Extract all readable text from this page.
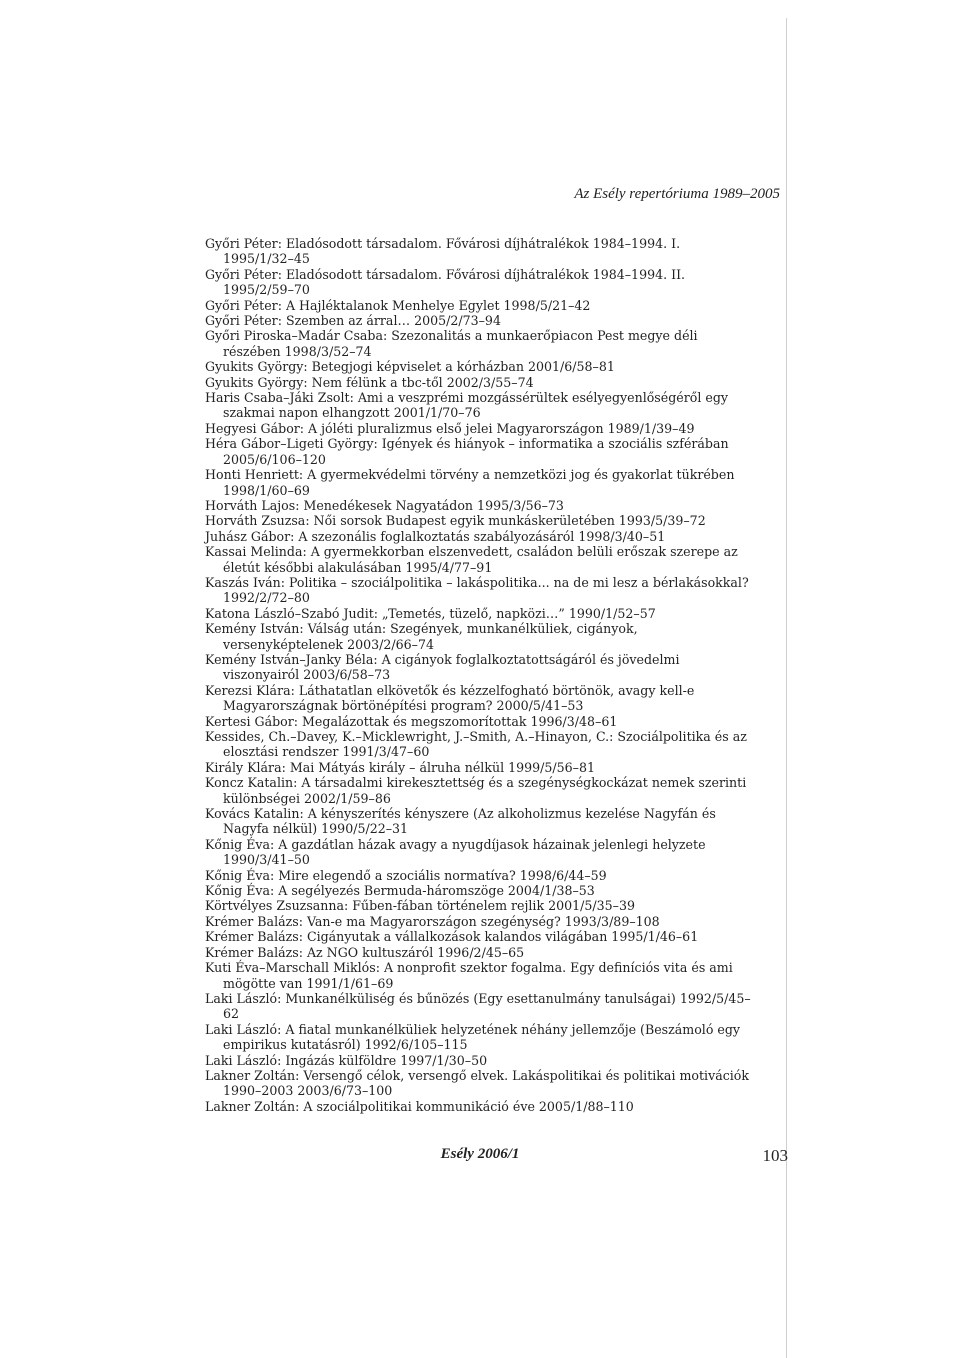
Az Esély repertóriuma 1989–2005

Győri Péter: Eladósodott társadalom. Fővárosi díjhátralékok 1984–1994. I. 1995/1/32–45

Győri Péter: Eladósodott társadalom. Fővárosi díjhátralékok 1984–1994. II. 1995/2/59–70

Győri Péter: A Hajléktalanok Menhelye Egylet 1998/5/21–42

Győri Péter: Szemben az árral… 2005/2/73–94

Győri Piroska–Madár Csaba: Szezonalitás a munkaerőpiacon Pest megye déli részében 1998/3/52–74

Gyukits György: Betegjogi képviselet a kórházban 2001/6/58–81

Gyukits György: Nem félünk a tbc-től 2002/3/55–74

Haris Csaba–Jáki Zsolt: Ami a veszprémi mozgássérültek esélyegyenlőségéről egy szakmai napon elhangzott 2001/1/70–76

Hegyesi Gábor: A jóléti pluralizmus első jelei Magyarországon 1989/1/39–49

Héra Gábor–Ligeti György: Igények és hiányok – informatika a szociális szférában 2005/6/106–120

Honti Henriett: A gyermekvédelmi törvény a nemzetközi jog és gyakorlat tükrében 1998/1/60–69

Horváth Lajos: Menedékesek Nagyatádon 1995/3/56–73

Horváth Zsuzsa: Női sorsok Budapest egyik munkáskerületében 1993/5/39–72

Juhász Gábor: A szezonális foglalkoztatás szabályozásáról 1998/3/40–51

Kassai Melinda: A gyermekkorban elszenvedett, családon belüli erőszak szerepe az életút későbbi alakulásában 1995/4/77–91

Kaszás Iván: Politika – szociálpolitika – lakáspolitika... na de mi lesz a bérlakásokkal? 1992/2/72–80

Katona László–Szabó Judit: „Temetés, tüzelő, napközi…” 1990/1/52–57

Kemény István: Válság után: Szegények, munkanélküliek, cigányok, versenyképtelenek 2003/2/66–74

Kemény István–Janky Béla: A cigányok foglalkoztatottságáról és jövedelmi viszonyairól 2003/6/58–73

Kerezsi Klára: Láthatatlan elkövetők és kézzelfogható börtönök, avagy kell-e Magyarországnak börtönépítési program? 2000/5/41–53

Kertesi Gábor: Megalázottak és megszomorítottak 1996/3/48–61

Kessides, Ch.–Davey, K.–Micklewright, J.–Smith, A.–Hinayon, C.: Szociálpolitika és az elosztási rendszer 1991/3/47–60

Király Klára: Mai Mátyás király – álruha nélkül 1999/5/56–81

Koncz Katalin: A társadalmi kirekesztettség és a szegénységkockázat nemek szerinti különbségei 2002/1/59–86

Kovács Katalin: A kényszerítés kényszere (Az alkoholizmus kezelése Nagyfán és Nagyfa nélkül) 1990/5/22–31

Kőnig Éva: A gazdátlan házak avagy a nyugdíjasok házainak jelenlegi helyzete 1990/3/41–50

Kőnig Éva: Mire elegendő a szociális normatíva? 1998/6/44–59

Kőnig Éva: A segélyezés Bermuda-háromszöge 2004/1/38–53

Körtvélyes Zsuzsanna: Fűben-fában történelem rejlik 2001/5/35–39

Krémer Balázs: Van-e ma Magyarországon szegénység? 1993/3/89–108

Krémer Balázs: Cigányutak a vállalkozások kalandos világában 1995/1/46–61

Krémer Balázs: Az NGO kultuszáról 1996/2/45–65

Kuti Éva–Marschall Miklós: A nonprofit szektor fogalma. Egy definíciós vita és ami mögötte van 1991/1/61–69

Laki László: Munkanélküliség és bűnözés (Egy esettanulmány tanulságai) 1992/5/45–62

Laki László: A fiatal munkanélküliek helyzetének néhány jellemzője (Beszámoló egy empirikus kutatásról) 1992/6/105–115

Laki László: Ingázás külföldre 1997/1/30–50

Lakner Zoltán: Versengő célok, versengő elvek. Lakáspolitikai és politikai motivációk 1990–2003 2003/6/73–100

Lakner Zoltán: A szociálpolitikai kommunikáció éve 2005/1/88–110

Esély 2006/1	103
